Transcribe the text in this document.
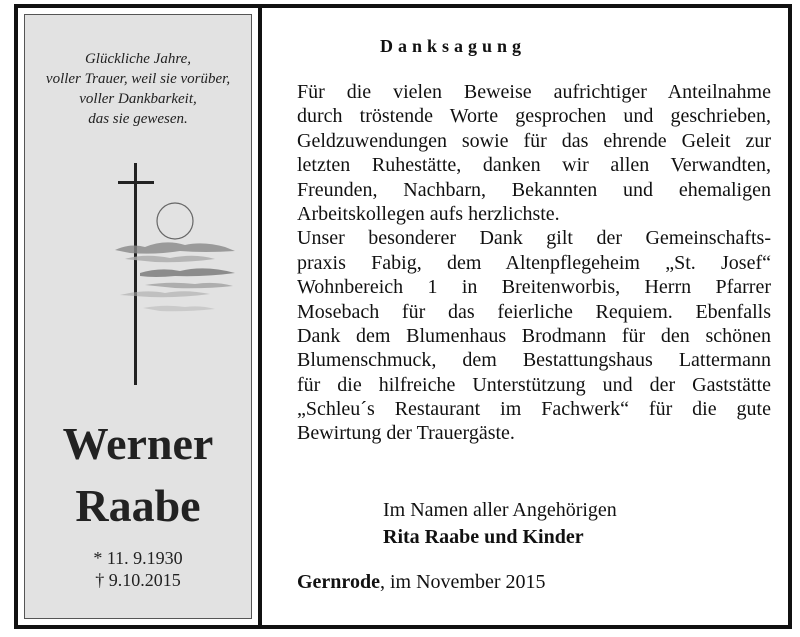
Glückliche Jahre,
voller Trauer, weil sie vorüber,
voller Dankbarkeit,
das sie gewesen.
Werner
Raabe
* 11. 9.1930
† 9.10.2015
Danksagung
Für die vielen Beweise aufrichtiger Anteilnahme
durch tröstende Worte gesprochen und geschrieben,
Geldzuwendungen sowie für das ehrende Geleit zur
letzten Ruhestätte, danken wir allen Verwandten,
Freunden, Nachbarn, Bekannten und ehemaligen
Arbeitskollegen aufs herzlichste.
Unser besonderer Dank gilt der Gemeinschafts-
praxis Fabig, dem Altenpflegeheim „St. Josef“
Wohnbereich 1 in Breitenworbis, Herrn Pfarrer
Mosebach für das feierliche Requiem. Ebenfalls
Dank dem Blumenhaus Brodmann für den schönen
Blumenschmuck, dem Bestattungshaus Lattermann
für die hilfreiche Unterstützung und der Gaststätte
„Schleu´s Restaurant im Fachwerk“ für die gute
Bewirtung der Trauergäste.
Im Namen aller Angehörigen
Rita Raabe und Kinder
Gernrode, im November 2015
